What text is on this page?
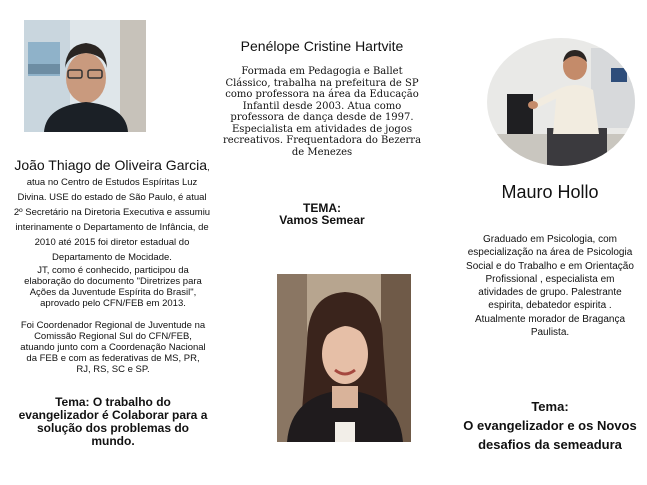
João Thiago de Oliveira Garcia, atua no Centro de Estudos Espíritas Luz Divina. USE do estado de São Paulo, é atual 2º Secretário na Diretoria Executiva e assumiu interinamente o Departamento de Infância, de 2010 até 2015 foi diretor estadual do Departamento de Mocidade.
JT, como é conhecido, participou da elaboração do documento "Diretrizes para Ações da Juventude Espírita do Brasil", aprovado pelo CFN/FEB em 2013.
Foi Coordenador Regional de Juventude na Comissão Regional Sul do CFN/FEB, atuando junto com a Coordenação Nacional da FEB e com as federativas de MS, PR, RJ, RS, SC e SP.
Tema: O trabalho do evangelizador é Colaborar para a solução dos problemas do mundo.
Penélope Cristine Hartvite
Formada em Pedagogia e Ballet Clássico, trabalha na prefeitura de SP como professora na área da Educação Infantil desde 2003. Atua como professora de dança desde de 1997. Especialista em atividades de jogos recreativos. Frequentadora do Bezerra de Menezes
TEMA:
Vamos Semear
Mauro Hollo
Graduado em Psicologia, com especialização na área de Psicologia Social e do Trabalho e em Orientação Profissional , especialista em atividades de grupo. Palestrante espirita, debatedor espirita . Atualmente morador de Bragança Paulista.
Tema:
O evangelizador e os Novos desafios da semeadura
